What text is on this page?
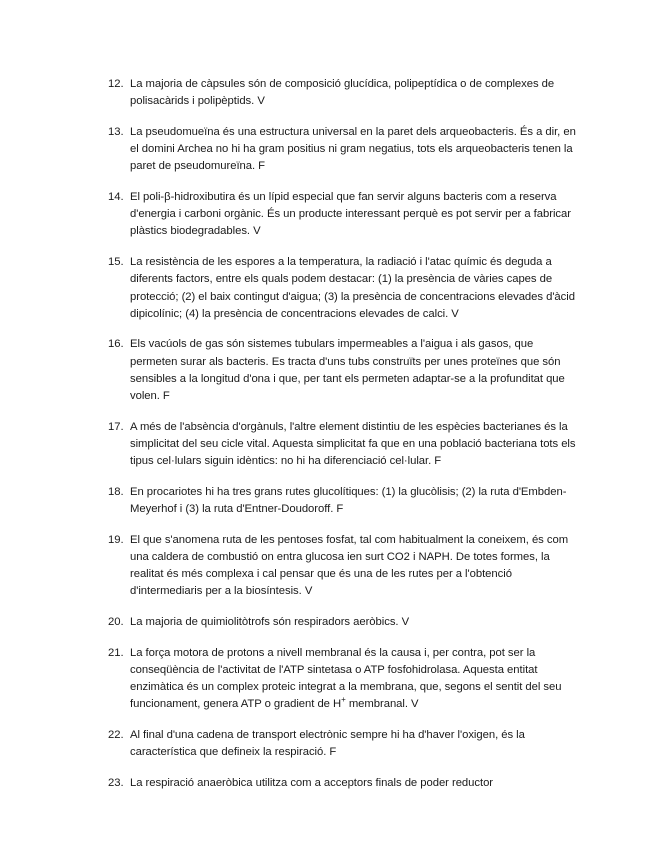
12. La majoria de càpsules són de composició glucídica, polipeptídica o de complexes de polisacàrids i polipèptids. V
13. La pseudomueïna és una estructura universal en la paret dels arqueobacteris. És a dir, en el domini Archea no hi ha gram positius ni gram negatius, tots els arqueobacteris tenen la paret de pseudomureïna. F
14. El poli-β-hidroxibutira és un lípid especial que fan servir alguns bacteris com a reserva d'energia i carboni orgànic. És un producte interessant perquè es pot servir per a fabricar plàstics biodegradables. V
15. La resistència de les espores a la temperatura, la radiació i l'atac químic és deguda a diferents factors, entre els quals podem destacar: (1) la presència de vàries capes de protecció; (2) el baix contingut d'aigua; (3) la presència de concentracions elevades d'àcid dipicolínic; (4) la presència de concentracions elevades de calci. V
16. Els vacúols de gas són sistemes tubulars impermeables a l'aigua i als gasos, que permeten surar als bacteris. Es tracta d'uns tubs construïts per unes proteïnes que són sensibles a la longitud d'ona i que, per tant els permeten adaptar-se a la profunditat que volen. F
17. A més de l'absència d'orgànuls, l'altre element distintiu de les espècies bacterianes és la simplicitat del seu cicle vital. Aquesta simplicitat fa que en una població bacteriana tots els tipus cel·lulars siguin idèntics: no hi ha diferenciació cel·lular. F
18. En procariotes hi ha tres grans rutes glucolítiques: (1) la glucòlisis; (2) la ruta d'Embden-Meyerhof i (3) la ruta d'Entner-Doudoroff. F
19. El que s'anomena ruta de les pentoses fosfat, tal com habitualment la coneixem, és com una caldera de combustió on entra glucosa ien surt CO2 i NAPH. De totes formes, la realitat és més complexa i cal pensar que és una de les rutes per a l'obtenció d'intermediaris per a la biosíntesis. V
20. La majoria de quimiolitòtrofs són respiradors aeròbics. V
21. La força motora de protons a nivell membranal és la causa i, per contra, pot ser la conseqüència de l'activitat de l'ATP sintetasa o ATP fosfohidrolasa. Aquesta entitat enzimàtica és un complex proteic integrat a la membrana, que, segons el sentit del seu funcionament, genera ATP o gradient de H+ membranal. V
22. Al final d'una cadena de transport electrònic sempre hi ha d'haver l'oxigen, és la característica que defineix la respiració. F
23. La respiració anaeròbica utilitza com a acceptors finals de poder reductor
